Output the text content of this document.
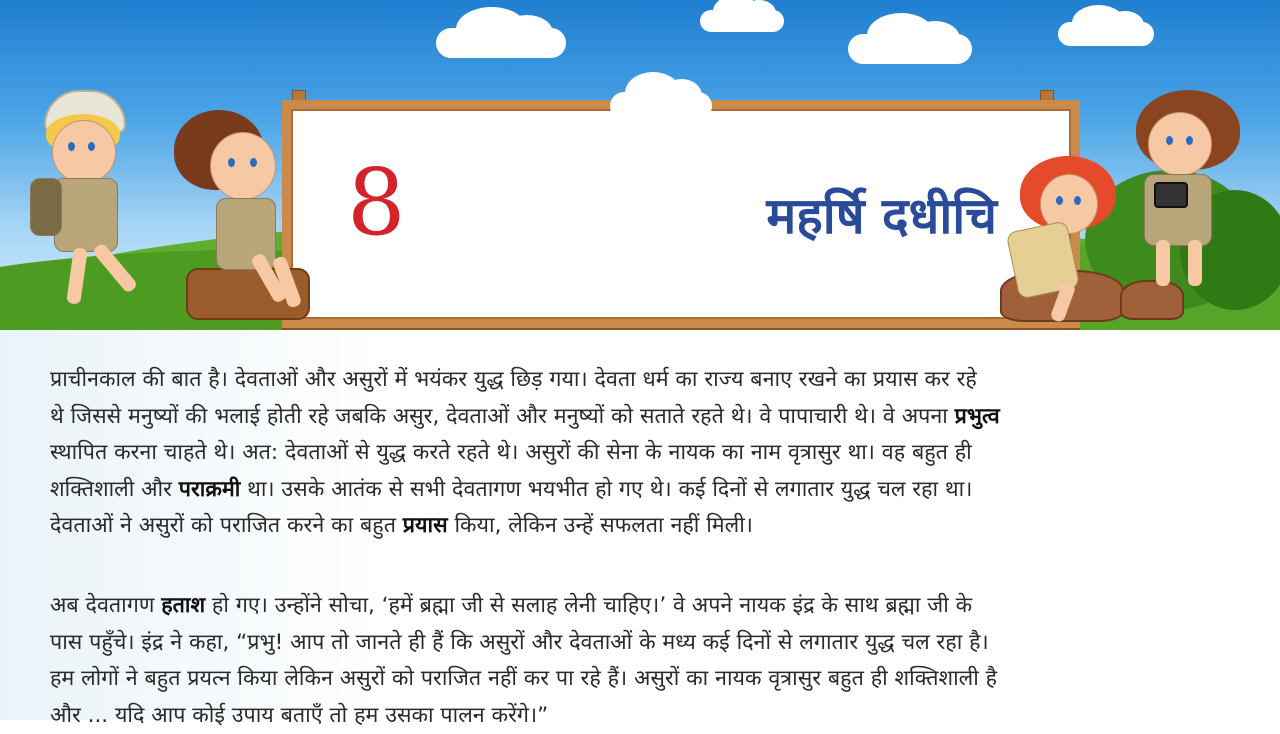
8	महर्षि दधीचि

प्राचीनकाल की बात है। देवताओं और असुरों में भयंकर युद्ध छिड़ गया। देवता धर्म का राज्य बनाए रखने का प्रयास कर रहे
थे जिससे मनुष्यों की भलाई होती रहे जबकि असुर, देवताओं और मनुष्यों को सताते रहते थे। वे पापाचारी थे। वे अपना प्रभुत्व
स्थापित करना चाहते थे। अत: देवताओं से युद्ध करते रहते थे। असुरों की सेना के नायक का नाम वृत्रासुर था। वह बहुत ही
शक्तिशाली और पराक्रमी था। उसके आतंक से सभी देवतागण भयभीत हो गए थे। कई दिनों से लगातार युद्ध चल रहा था।
देवताओं ने असुरों को पराजित करने का बहुत प्रयास किया, लेकिन उन्हें सफलता नहीं मिली।

अब देवतागण हताश हो गए। उन्होंने सोचा, ‘हमें ब्रह्मा जी से सलाह लेनी चाहिए।’ वे अपने नायक इंद्र के साथ ब्रह्मा जी के
पास पहुँचे। इंद्र ने कहा, “प्रभु! आप तो जानते ही हैं कि असुरों और देवताओं के मध्य कई दिनों से लगातार युद्ध चल रहा है।
हम लोगों ने बहुत प्रयत्न किया लेकिन असुरों को पराजित नहीं कर पा रहे हैं। असुरों का नायक वृत्रासुर बहुत ही शक्तिशाली है
और ... यदि आप कोई उपाय बताएँ तो हम उसका पालन करेंगे।”
